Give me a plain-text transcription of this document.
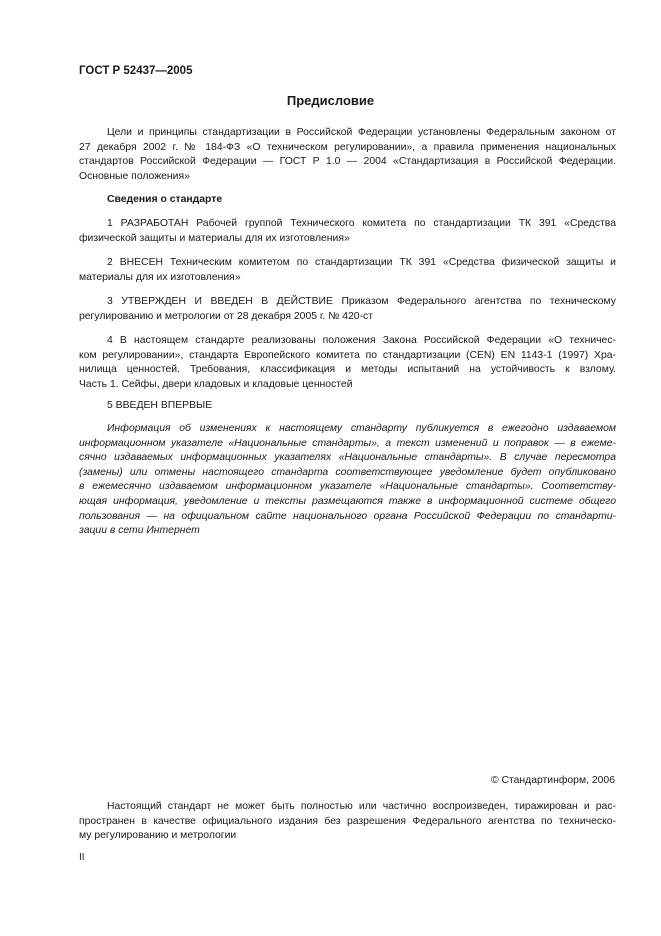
ГОСТ Р 52437—2005
Предисловие
Цели и принципы стандартизации в Российской Федерации установлены Федеральным законом от
27 декабря 2002 г. № 184-ФЗ «О техническом регулировании», а правила применения национальных
стандартов Российской Федерации — ГОСТ Р 1.0 — 2004 «Стандартизация в Российской Федерации.
Основные положения»
Сведения о стандарте
1 РАЗРАБОТАН Рабочей группой Технического комитета по стандартизации ТК 391 «Средства
физической защиты и материалы для их изготовления»
2 ВНЕСЕН Техническим комитетом по стандартизации ТК 391 «Средства физической защиты и
материалы для их изготовления»
3 УТВЕРЖДЕН И ВВЕДЕН В ДЕЙСТВИЕ Приказом Федерального агентства по техническому
регулированию и метрологии от 28 декабря 2005 г. № 420-ст
4 В настоящем стандарте реализованы положения Закона Российской Федерации «О техничес-
ком регулировании», стандарта Европейского комитета по стандартизации (CEN) EN 1143-1 (1997) Хра-
нилища ценностей. Требования, классификация и методы испытаний на устойчивость к взлому.
Часть 1. Сейфы, двери кладовых и кладовые ценностей
5 ВВЕДЕН ВПЕРВЫЕ
Информация об изменениях к настоящему стандарту публикуется в ежегодно издаваемом
информационном указателе «Национальные стандарты», а текст изменений и поправок — в ежеме-
сячно издаваемых информационных указателях «Национальные стандарты». В случае пересмотра
(замены) или отмены настоящего стандарта соответствующее уведомление будет опубликовано
в ежемесячно издаваемом информационном указателе «Национальные стандарты». Соответству-
ющая информация, уведомление и тексты размещаются также в информационной системе общего
пользования — на официальном сайте национального органа Российской Федерации по стандарти-
зации в сети Интернет
© Стандартинформ, 2006
Настоящий стандарт не может быть полностью или частично воспроизведен, тиражирован и рас-
пространен в качестве официального издания без разрешения Федерального агентства по техническо-
му регулированию и метрологии
II
